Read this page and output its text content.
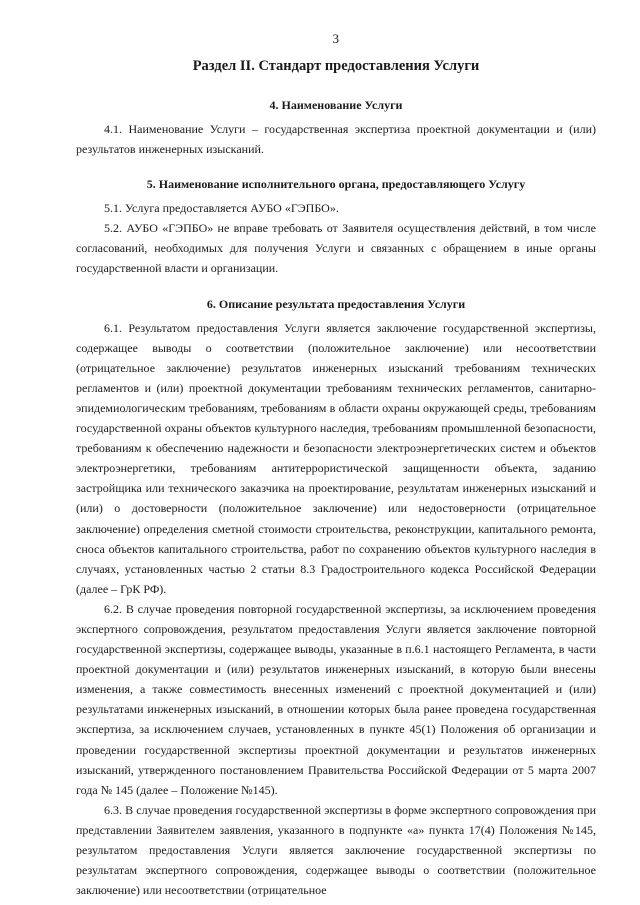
3
Раздел II. Стандарт предоставления Услуги
4. Наименование Услуги

4.1. Наименование Услуги – государственная экспертиза проектной документации и (или) результатов инженерных изысканий.

5. Наименование исполнительного органа, предоставляющего Услугу

5.1. Услуга предоставляется АУБО «ГЭПБО».

5.2. АУБО «ГЭПБО» не вправе требовать от Заявителя осуществления действий, в том числе согласований, необходимых для получения Услуги и связанных с обращением в иные органы государственной власти и организации.

6. Описание результата предоставления Услуги

6.1. Результатом предоставления Услуги является заключение государственной экспертизы, содержащее выводы о соответствии (положительное заключение) или несоответствии (отрицательное заключение) результатов инженерных изысканий требованиям технических регламентов и (или) проектной документации требованиям технических регламентов, санитарно-эпидемиологическим требованиям, требованиям в области охраны окружающей среды, требованиям государственной охраны объектов культурного наследия, требованиям промышленной безопасности, требованиям к обеспечению надежности и безопасности электроэнергетических систем и объектов электроэнергетики, требованиям антитеррористической защищенности объекта, заданию застройщика или технического заказчика на проектирование, результатам инженерных изысканий и (или) о достоверности (положительное заключение) или недостоверности (отрицательное заключение) определения сметной стоимости строительства, реконструкции, капитального ремонта, сноса объектов капитального строительства, работ по сохранению объектов культурного наследия в случаях, установленных частью 2 статьи 8.3 Градостроительного кодекса Российской Федерации (далее – ГрК РФ).

6.2. В случае проведения повторной государственной экспертизы, за исключением проведения экспертного сопровождения, результатом предоставления Услуги является заключение повторной государственной экспертизы, содержащее выводы, указанные в п.6.1 настоящего Регламента, в части проектной документации и (или) результатов инженерных изысканий, в которую были внесены изменения, а также совместимость внесенных изменений с проектной документацией и (или) результатами инженерных изысканий, в отношении которых была ранее проведена государственная экспертиза, за исключением случаев, установленных в пункте 45(1) Положения об организации и проведении государственной экспертизы проектной документации и результатов инженерных изысканий, утвержденного постановлением Правительства Российской Федерации от 5 марта 2007 года № 145 (далее – Положение №145).

6.3. В случае проведения государственной экспертизы в форме экспертного сопровождения при представлении Заявителем заявления, указанного в подпункте «а» пункта 17(4) Положения №145, результатом предоставления Услуги является заключение государственной экспертизы по результатам экспертного сопровождения, содержащее выводы о соответствии (положительное заключение) или несоответствии (отрицательное
